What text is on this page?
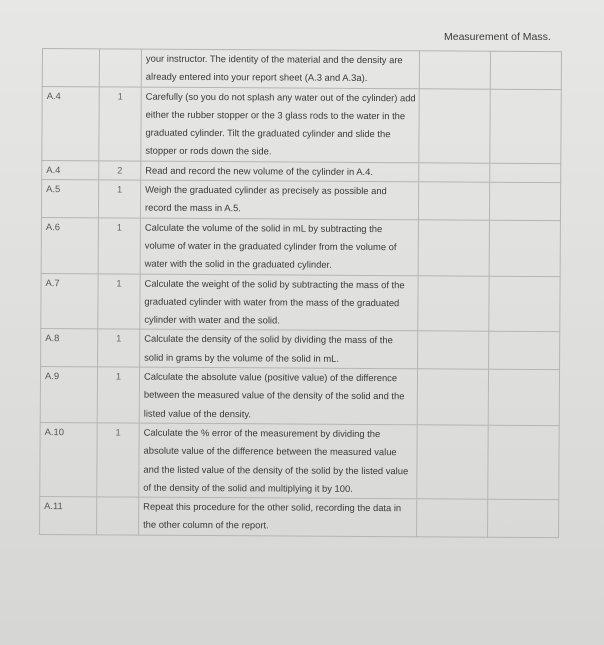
Measurement of Mass.
		your instructor. The identity of the material and the density are already entered into your report sheet (A.3 and A.3a).		
A.4	1	Carefully (so you do not splash any water out of the cylinder) add either the rubber stopper or the 3 glass rods to the water in the graduated cylinder. Tilt the graduated cylinder and slide the stopper or rods down the side.		
A.4	2	Read and record the new volume of the cylinder in A.4.		
A.5	1	Weigh the graduated cylinder as precisely as possible and record the mass in A.5.		
A.6	1	Calculate the volume of the solid in mL by subtracting the volume of water in the graduated cylinder from the volume of water with the solid in the graduated cylinder.		
A.7	1	Calculate the weight of the solid by subtracting the mass of the graduated cylinder with water from the mass of the graduated cylinder with water and the solid.		
A.8	1	Calculate the density of the solid by dividing the mass of the solid in grams by the volume of the solid in mL.		
A.9	1	Calculate the absolute value (positive value) of the difference between the measured value of the density of the solid and the listed value of the density.		
A.10	1	Calculate the % error of the measurement by dividing the absolute value of the difference between the measured value and the listed value of the density of the solid by the listed value of the density of the solid and multiplying it by 100.		
A.11		Repeat this procedure for the other solid, recording the data in the other column of the report.		
